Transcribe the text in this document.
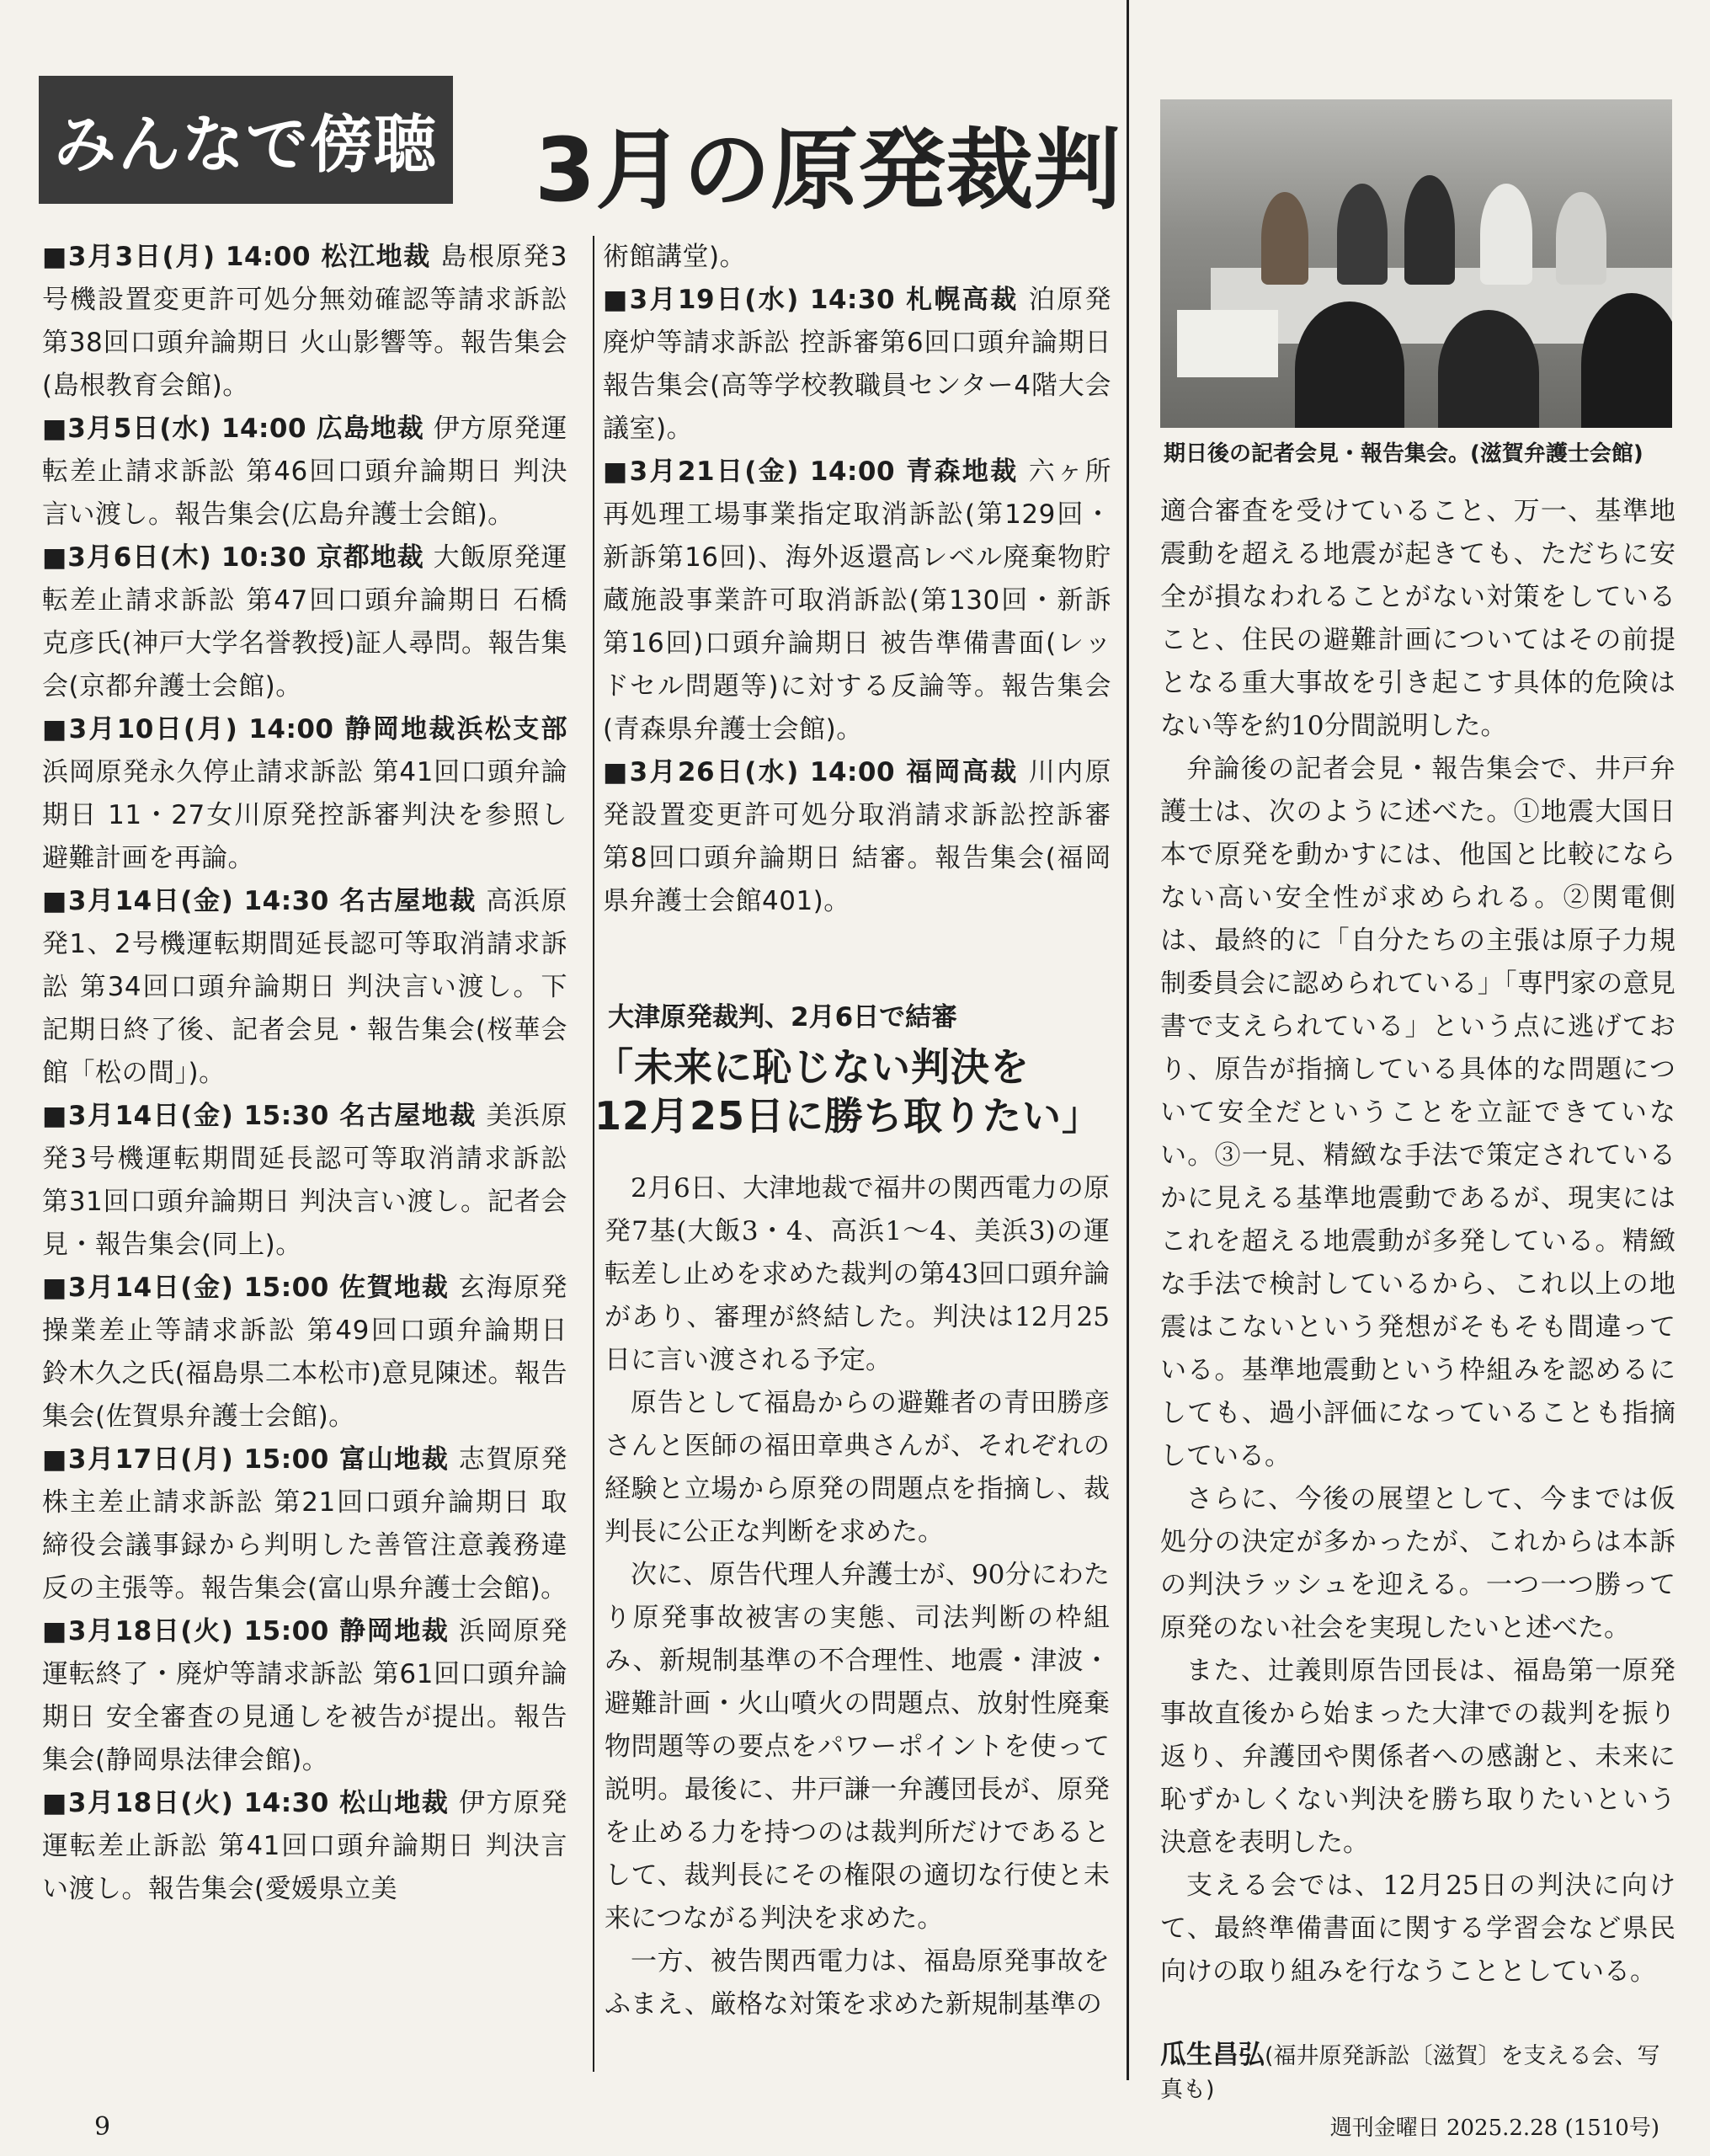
みんなで傍聴 3月の原発裁判

■3月3日(月) 14:00 松江地裁 島根原発3号機設置変更許可処分無効確認等請求訴訟 第38回口頭弁論期日 火山影響等。報告集会(島根教育会館)。

■3月5日(水) 14:00 広島地裁 伊方原発運転差止請求訴訟 第46回口頭弁論期日 判決言い渡し。報告集会(広島弁護士会館)。

■3月6日(木) 10:30 京都地裁 大飯原発運転差止請求訴訟 第47回口頭弁論期日 石橋克彦氏(神戸大学名誉教授)証人尋問。報告集会(京都弁護士会館)。

■3月10日(月) 14:00 静岡地裁浜松支部 浜岡原発永久停止請求訴訟 第41回口頭弁論期日 11・27女川原発控訴審判決を参照し避難計画を再論。

■3月14日(金) 14:30 名古屋地裁 高浜原発1、2号機運転期間延長認可等取消請求訴訟 第34回口頭弁論期日 判決言い渡し。下記期日終了後、記者会見・報告集会(桜華会館「松の間」)。

■3月14日(金) 15:30 名古屋地裁 美浜原発3号機運転期間延長認可等取消請求訴訟 第31回口頭弁論期日 判決言い渡し。記者会見・報告集会(同上)。

■3月14日(金) 15:00 佐賀地裁 玄海原発操業差止等請求訴訟 第49回口頭弁論期日 鈴木久之氏(福島県二本松市)意見陳述。報告集会(佐賀県弁護士会館)。

■3月17日(月) 15:00 富山地裁 志賀原発株主差止請求訴訟 第21回口頭弁論期日 取締役会議事録から判明した善管注意義務違反の主張等。報告集会(富山県弁護士会館)。

■3月18日(火) 15:00 静岡地裁 浜岡原発運転終了・廃炉等請求訴訟 第61回口頭弁論期日 安全審査の見通しを被告が提出。報告集会(静岡県法律会館)。

■3月18日(火) 14:30 松山地裁 伊方原発運転差止訴訟 第41回口頭弁論期日 判決言い渡し。報告集会(愛媛県立美

術館講堂)。

■3月19日(水) 14:30 札幌高裁 泊原発廃炉等請求訴訟 控訴審第6回口頭弁論期日 報告集会(高等学校教職員センター4階大会議室)。

■3月21日(金) 14:00 青森地裁 六ヶ所再処理工場事業指定取消訴訟(第129回・新訴第16回)、海外返還高レベル廃棄物貯蔵施設事業許可取消訴訟(第130回・新訴第16回)口頭弁論期日 被告準備書面(レッドセル問題等)に対する反論等。報告集会(青森県弁護士会館)。

■3月26日(水) 14:00 福岡高裁 川内原発設置変更許可処分取消請求訴訟控訴審 第8回口頭弁論期日 結審。報告集会(福岡県弁護士会館401)。

大津原発裁判、2月6日で結審
「未来に恥じない判決を
12月25日に勝ち取りたい」

2月6日、大津地裁で福井の関西電力の原発7基(大飯3・4、高浜1〜4、美浜3)の運転差し止めを求めた裁判の第43回口頭弁論があり、審理が終結した。判決は12月25日に言い渡される予定。

原告として福島からの避難者の青田勝彦さんと医師の福田章典さんが、それぞれの経験と立場から原発の問題点を指摘し、裁判長に公正な判断を求めた。

次に、原告代理人弁護士が、90分にわたり原発事故被害の実態、司法判断の枠組み、新規制基準の不合理性、地震・津波・避難計画・火山噴火の問題点、放射性廃棄物問題等の要点をパワーポイントを使って説明。最後に、井戸謙一弁護団長が、原発を止める力を持つのは裁判所だけであるとして、裁判長にその権限の適切な行使と未来につながる判決を求めた。

一方、被告関西電力は、福島原発事故をふまえ、厳格な対策を求めた新規制基準の

期日後の記者会見・報告集会。(滋賀弁護士会館)

適合審査を受けていること、万一、基準地震動を超える地震が起きても、ただちに安全が損なわれることがない対策をしていること、住民の避難計画についてはその前提となる重大事故を引き起こす具体的危険はない等を約10分間説明した。

弁論後の記者会見・報告集会で、井戸弁護士は、次のように述べた。①地震大国日本で原発を動かすには、他国と比較にならない高い安全性が求められる。②関電側は、最終的に「自分たちの主張は原子力規制委員会に認められている」「専門家の意見書で支えられている」という点に逃げており、原告が指摘している具体的な問題について安全だということを立証できていない。③一見、精緻な手法で策定されているかに見える基準地震動であるが、現実にはこれを超える地震動が多発している。精緻な手法で検討しているから、これ以上の地震はこないという発想がそもそも間違っている。基準地震動という枠組みを認めるにしても、過小評価になっていることも指摘している。

さらに、今後の展望として、今までは仮処分の決定が多かったが、これからは本訴の判決ラッシュを迎える。一つ一つ勝って原発のない社会を実現したいと述べた。

また、辻義則原告団長は、福島第一原発事故直後から始まった大津での裁判を振り返り、弁護団や関係者への感謝と、未来に恥ずかしくない判決を勝ち取りたいという決意を表明した。

支える会では、12月25日の判決に向けて、最終準備書面に関する学習会など県民向けの取り組みを行なうこととしている。

瓜生昌弘(福井原発訴訟〔滋賀〕を支える会、写真も)
9	週刊金曜日 2025.2.28 (1510号)
